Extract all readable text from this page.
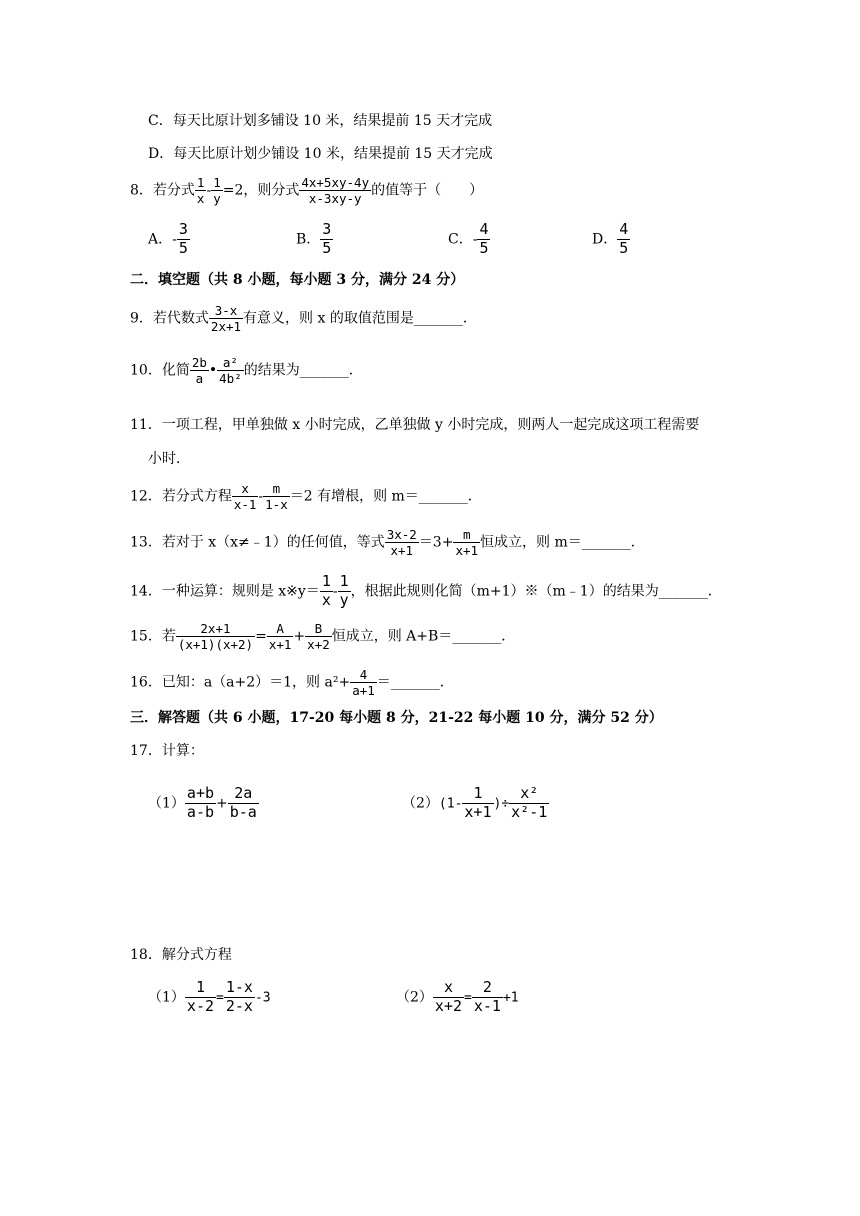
C．每天比原计划多铺设 10 米，结果提前 15 天才完成
D．每天比原计划少铺设 10 米，结果提前 15 天才完成
8．若分式 $\frac{1}{x} - \frac{1}{y} =2$，则分式 $\frac{4x+5xy-4y}{x-3xy-y}$ 的值等于（　　）
A．- $\frac{3}{5}$	B． $\frac{3}{5}$	C．- $\frac{4}{5}$	D． $\frac{4}{5}$
二．填空题（共 8 小题，每小题 3 分，满分 24 分）
9．若代数式 $\frac{3-x}{2x+1}$ 有意义，则 x 的取值范围是_______．
10．化简 $\frac{2b}{a}$ • $\frac{\text{a²}}{\text{4b²}}$ 的结果为_______．
11．一项工程，甲单独做 x 小时完成，乙单独做 y 小时完成，则两人一起完成这项工程需要
小时．
12．若分式方程 $\frac{x}{x-1} - \frac{m}{1-x} =2$ 有增根，则 m＝_______．
13．若对于 x（x≠﹣1）的任何值，等式 $\frac{3x-2}{x+1} =3+ \frac{m}{x+1}$ 恒成立，则 m＝_______．
14．一种运算：规则是 x※y＝ $\frac{1}{x} - \frac{1}{y}$ ，根据此规则化简（m+1）※（m﹣1）的结果为_______．
15．若 $\frac{2x+1}{(x+1)(x+2)} = \frac{A}{x+1} + \frac{B}{x+2}$ 恒成立，则 A+B＝_______．
16．已知：a（a+2）＝1，则 $a^2+ \frac{4}{a+1}$ ＝_______．
三．解答题（共 6 小题，17-20 每小题 8 分，21-22 每小题 10 分，满分 52 分）
17．计算：
$(1) \frac{a+b}{a-b} + \frac{2a}{b-a}$	$(2)(1- \frac{1}{x+1}$ )÷ $\frac{\text{x²}}{\text{x²-1}}$
18．解分式方程
$(1) \frac{1}{x-2} = \frac{1-x}{2-x} -3$	$(2) \frac{x}{x+2} = \frac{2}{x-1} +1$
